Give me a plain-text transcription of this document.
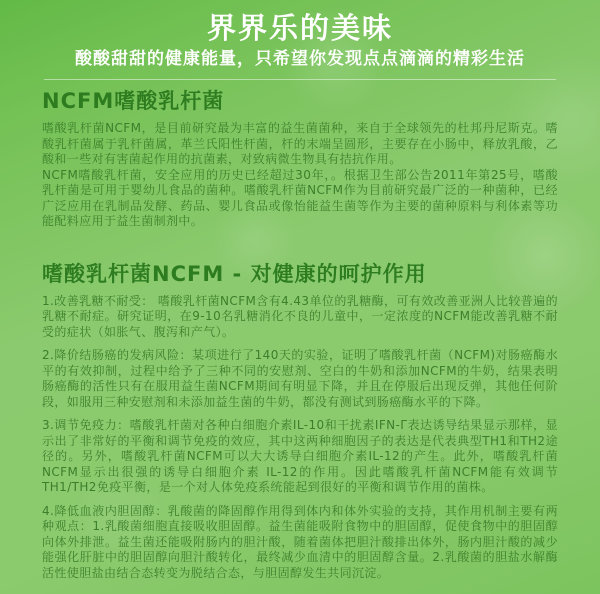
界界乐的美味

酸酸甜甜的健康能量，只希望你发现点点滴滴的精彩生活

NCFM嗜酸乳杆菌

嗜酸乳杆菌NCFM，是目前研究最为丰富的益生菌菌种，来自于全球领先的杜邦丹尼斯克。嗜酸乳杆菌属于乳杆菌属，革兰氏阳性杆菌，杆的末端呈圆形，主要存在小肠中，释放乳酸，乙酸和一些对有害菌起作用的抗菌素，对致病微生物具有拮抗作用。

NCFM嗜酸乳杆菌，安全应用的历史已经超过30年，。根据卫生部公告2011年第25号，嗜酸乳杆菌是可用于婴幼儿食品的菌种。嗜酸乳杆菌NCFM作为目前研究最广泛的一种菌种，已经广泛应用在乳制品发酵、药品、婴儿食品或像怡能益生菌等作为主要的菌种原料与利体素等功能配料应用于益生菌制剂中。

嗜酸乳杆菌NCFM - 对健康的呵护作用

1.改善乳糖不耐受： 嗜酸乳杆菌NCFM含有4.43单位的乳糖酶，可有效改善亚洲人比较普遍的乳糖不耐症。研究证明，在9-10名乳糖消化不良的儿童中，一定浓度的NCFM能改善乳糖不耐受的症状（如胀气、腹泻和产气）。

2.降价结肠癌的发病风险：某项进行了140天的实验，证明了嗜酸乳杆菌（NCFM)对肠癌酶水平的有效抑制，过程中给予了三种不同的安慰剂、空白的牛奶和添加NCFM的牛奶，结果表明肠癌酶的活性只有在服用益生菌NCFM期间有明显下降，并且在停服后出现反弹，其他任何阶段，如服用三种安慰剂和未添加益生菌的牛奶，都没有测试到肠癌酶水平的下降。

3.调节免疫力：嗜酸乳杆菌对各种白细胞介素IL-10和干扰素IFN-Γ表达诱导结果显示那样，显示出了非常好的平衡和调节免疫的效应，其中这两种细胞因子的表达是代表典型TH1和TH2途径的。另外，嗜酸乳杆菌NCFM可以大大诱导白细胞介素IL-12的产生。此外，嗜酸乳杆菌NCFM显示出很强的诱导白细胞介素 IL-12的作用。因此嗜酸乳杆菌NCFM能有效调节TH1/TH2免疫平衡，是一个对人体免疫系统能起到很好的平衡和调节作用的菌株。

4.降低血液内胆固醇：乳酸菌的降固醇作用得到体内和体外实验的支持，其作用机制主要有两种观点：1.乳酸菌细胞直接吸收胆固醇。益生菌能吸附食物中的胆固醇，促使食物中的胆固醇向体外排泄。益生菌还能吸附肠内的胆汁酸，随着菌体把胆汁酸排出体外，肠内胆汁酸的减少能强化肝脏中的胆固醇向胆汁酸转化，最终减少血清中的胆固醇含量。2.乳酸菌的胆盐水解酶活性使胆盐由结合态转变为脱结合态，与胆固醇发生共同沉淀。
